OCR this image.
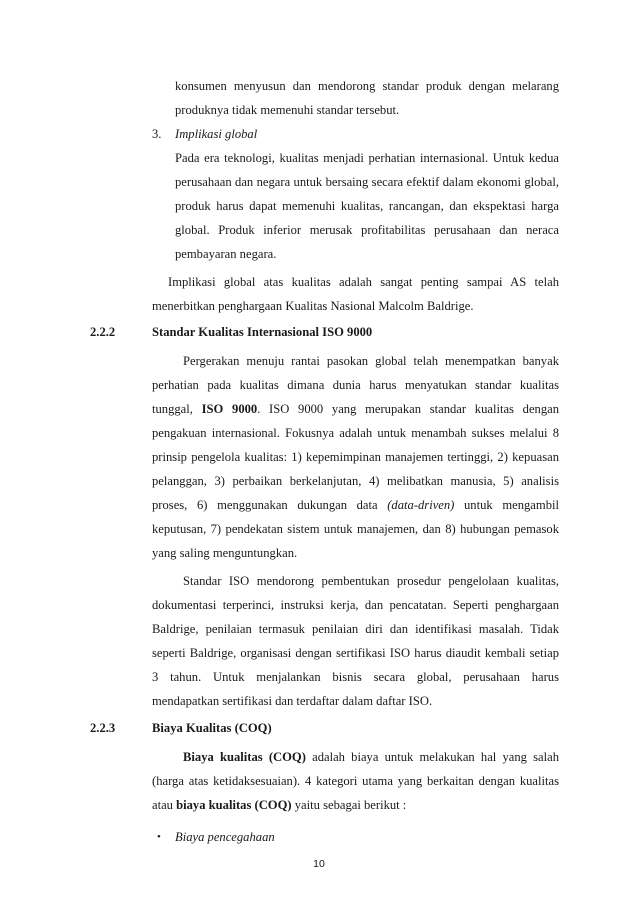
konsumen menyusun dan mendorong standar produk dengan melarang
produknya tidak memenuhi standar tersebut.
3. Implikasi global
Pada era teknologi, kualitas menjadi perhatian internasional. Untuk kedua
perusahaan dan negara untuk bersaing secara efektif dalam ekonomi global,
produk harus dapat memenuhi kualitas, rancangan, dan ekspektasi harga
global. Produk inferior merusak profitabilitas perusahaan dan neraca
pembayaran negara.
Implikasi global atas kualitas adalah sangat penting sampai AS telah
menerbitkan penghargaan Kualitas Nasional Malcolm Baldrige.
2.2.2	Standar Kualitas Internasional ISO 9000
Pergerakan menuju rantai pasokan global telah menempatkan banyak
perhatian pada kualitas dimana dunia harus menyatukan standar kualitas
tunggal, ISO 9000. ISO 9000 yang merupakan standar kualitas dengan
pengakuan internasional. Fokusnya adalah untuk menambah sukses melalui 8
prinsip pengelola kualitas: 1) kepemimpinan manajemen tertinggi, 2) kepuasan
pelanggan, 3) perbaikan berkelanjutan, 4) melibatkan manusia, 5) analisis
proses, 6) menggunakan dukungan data (data-driven) untuk mengambil
keputusan, 7) pendekatan sistem untuk manajemen, dan 8) hubungan pemasok
yang saling menguntungkan.
Standar ISO mendorong pembentukan prosedur pengelolaan kualitas,
dokumentasi terperinci, instruksi kerja, dan pencatatan. Seperti penghargaan
Baldrige, penilaian termasuk penilaian diri dan identifikasi masalah. Tidak
seperti Baldrige, organisasi dengan sertifikasi ISO harus diaudit kembali setiap
3 tahun. Untuk menjalankan bisnis secara global, perusahaan harus
mendapatkan sertifikasi dan terdaftar dalam daftar ISO.
2.2.3	Biaya Kualitas (COQ)
Biaya kualitas (COQ) adalah biaya untuk melakukan hal yang salah
(harga atas ketidaksesuaian). 4 kategori utama yang berkaitan dengan kualitas
atau biaya kualitas (COQ) yaitu sebagai berikut :
• Biaya pencegahaan
10
